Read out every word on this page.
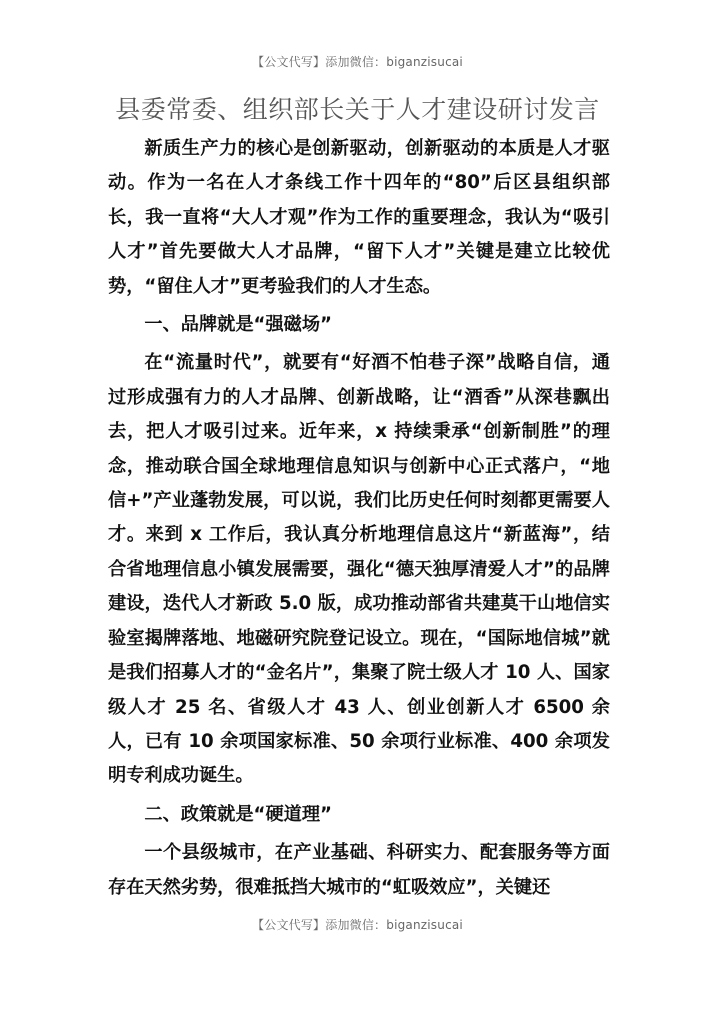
【公文代写】添加微信：biganzisucai
县委常委、组织部长关于人才建设研讨发言

新质生产力的核心是创新驱动，创新驱动的本质是人才驱动。作为一名在人才条线工作十四年的“80”后区县组织部长，我一直将“大人才观”作为工作的重要理念，我认为“吸引人才”首先要做大人才品牌，“留下人才”关键是建立比较优势，“留住人才”更考验我们的人才生态。

一、品牌就是“强磁场”

在“流量时代”，就要有“好酒不怕巷子深”战略自信，通过形成强有力的人才品牌、创新战略，让“酒香”从深巷飘出去，把人才吸引过来。近年来，x 持续秉承“创新制胜”的理念，推动联合国全球地理信息知识与创新中心正式落户，“地信+”产业蓬勃发展，可以说，我们比历史任何时刻都更需要人才。来到 x 工作后，我认真分析地理信息这片“新蓝海”，结合省地理信息小镇发展需要，强化“德天独厚清爱人才”的品牌建设，迭代人才新政 5.0 版，成功推动部省共建莫干山地信实验室揭牌落地、地磁研究院登记设立。现在，“国际地信城”就是我们招募人才的“金名片”，集聚了院士级人才 10 人、国家级人才 25 名、省级人才 43 人、创业创新人才 6500 余人，已有 10 余项国家标准、50 余项行业标准、400 余项发明专利成功诞生。

二、政策就是“硬道理”

一个县级城市，在产业基础、科研实力、配套服务等方面存在天然劣势，很难抵挡大城市的“虹吸效应”，关键还

【公文代写】添加微信：biganzisucai
